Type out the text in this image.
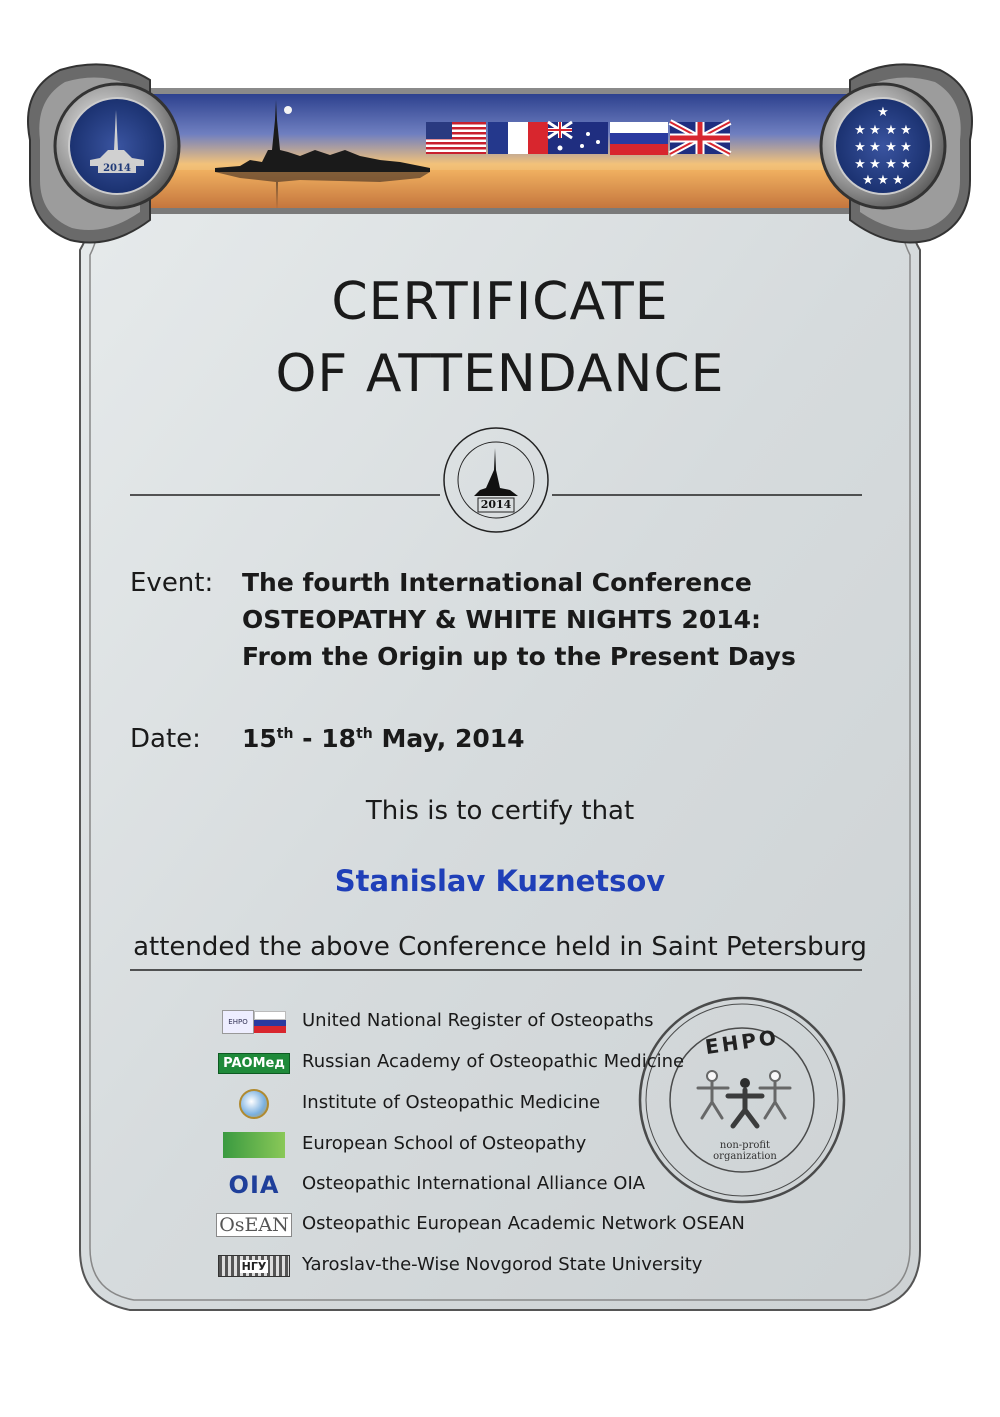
★
★ ★ ★ ★
★ ★ ★ ★
★ ★ ★ ★
★ ★ ★
2014
CERTIFICATE
OF ATTENDANCE
2014
Event: The fourth International Conference
OSTEOPATHY & WHITE NIGHTS 2014:
From the Origin up to the Present Days
Date: 15th - 18th May, 2014
This is to certify that
Stanislav Kuznetsov
attended the above Conference held in Saint Petersburg
ЕНРО
non-profit organization
ЕНРО	United National Register of Osteopaths
PAOMeд Russian Academy of Osteopathic Medicine
Institute of Osteopathic Medicine
European School of Osteopathy
OIA Osteopathic International Alliance OIA
OsEAN Osteopathic European Academic Network OSEAN
НГУ Yaroslav-the-Wise Novgorod State University
